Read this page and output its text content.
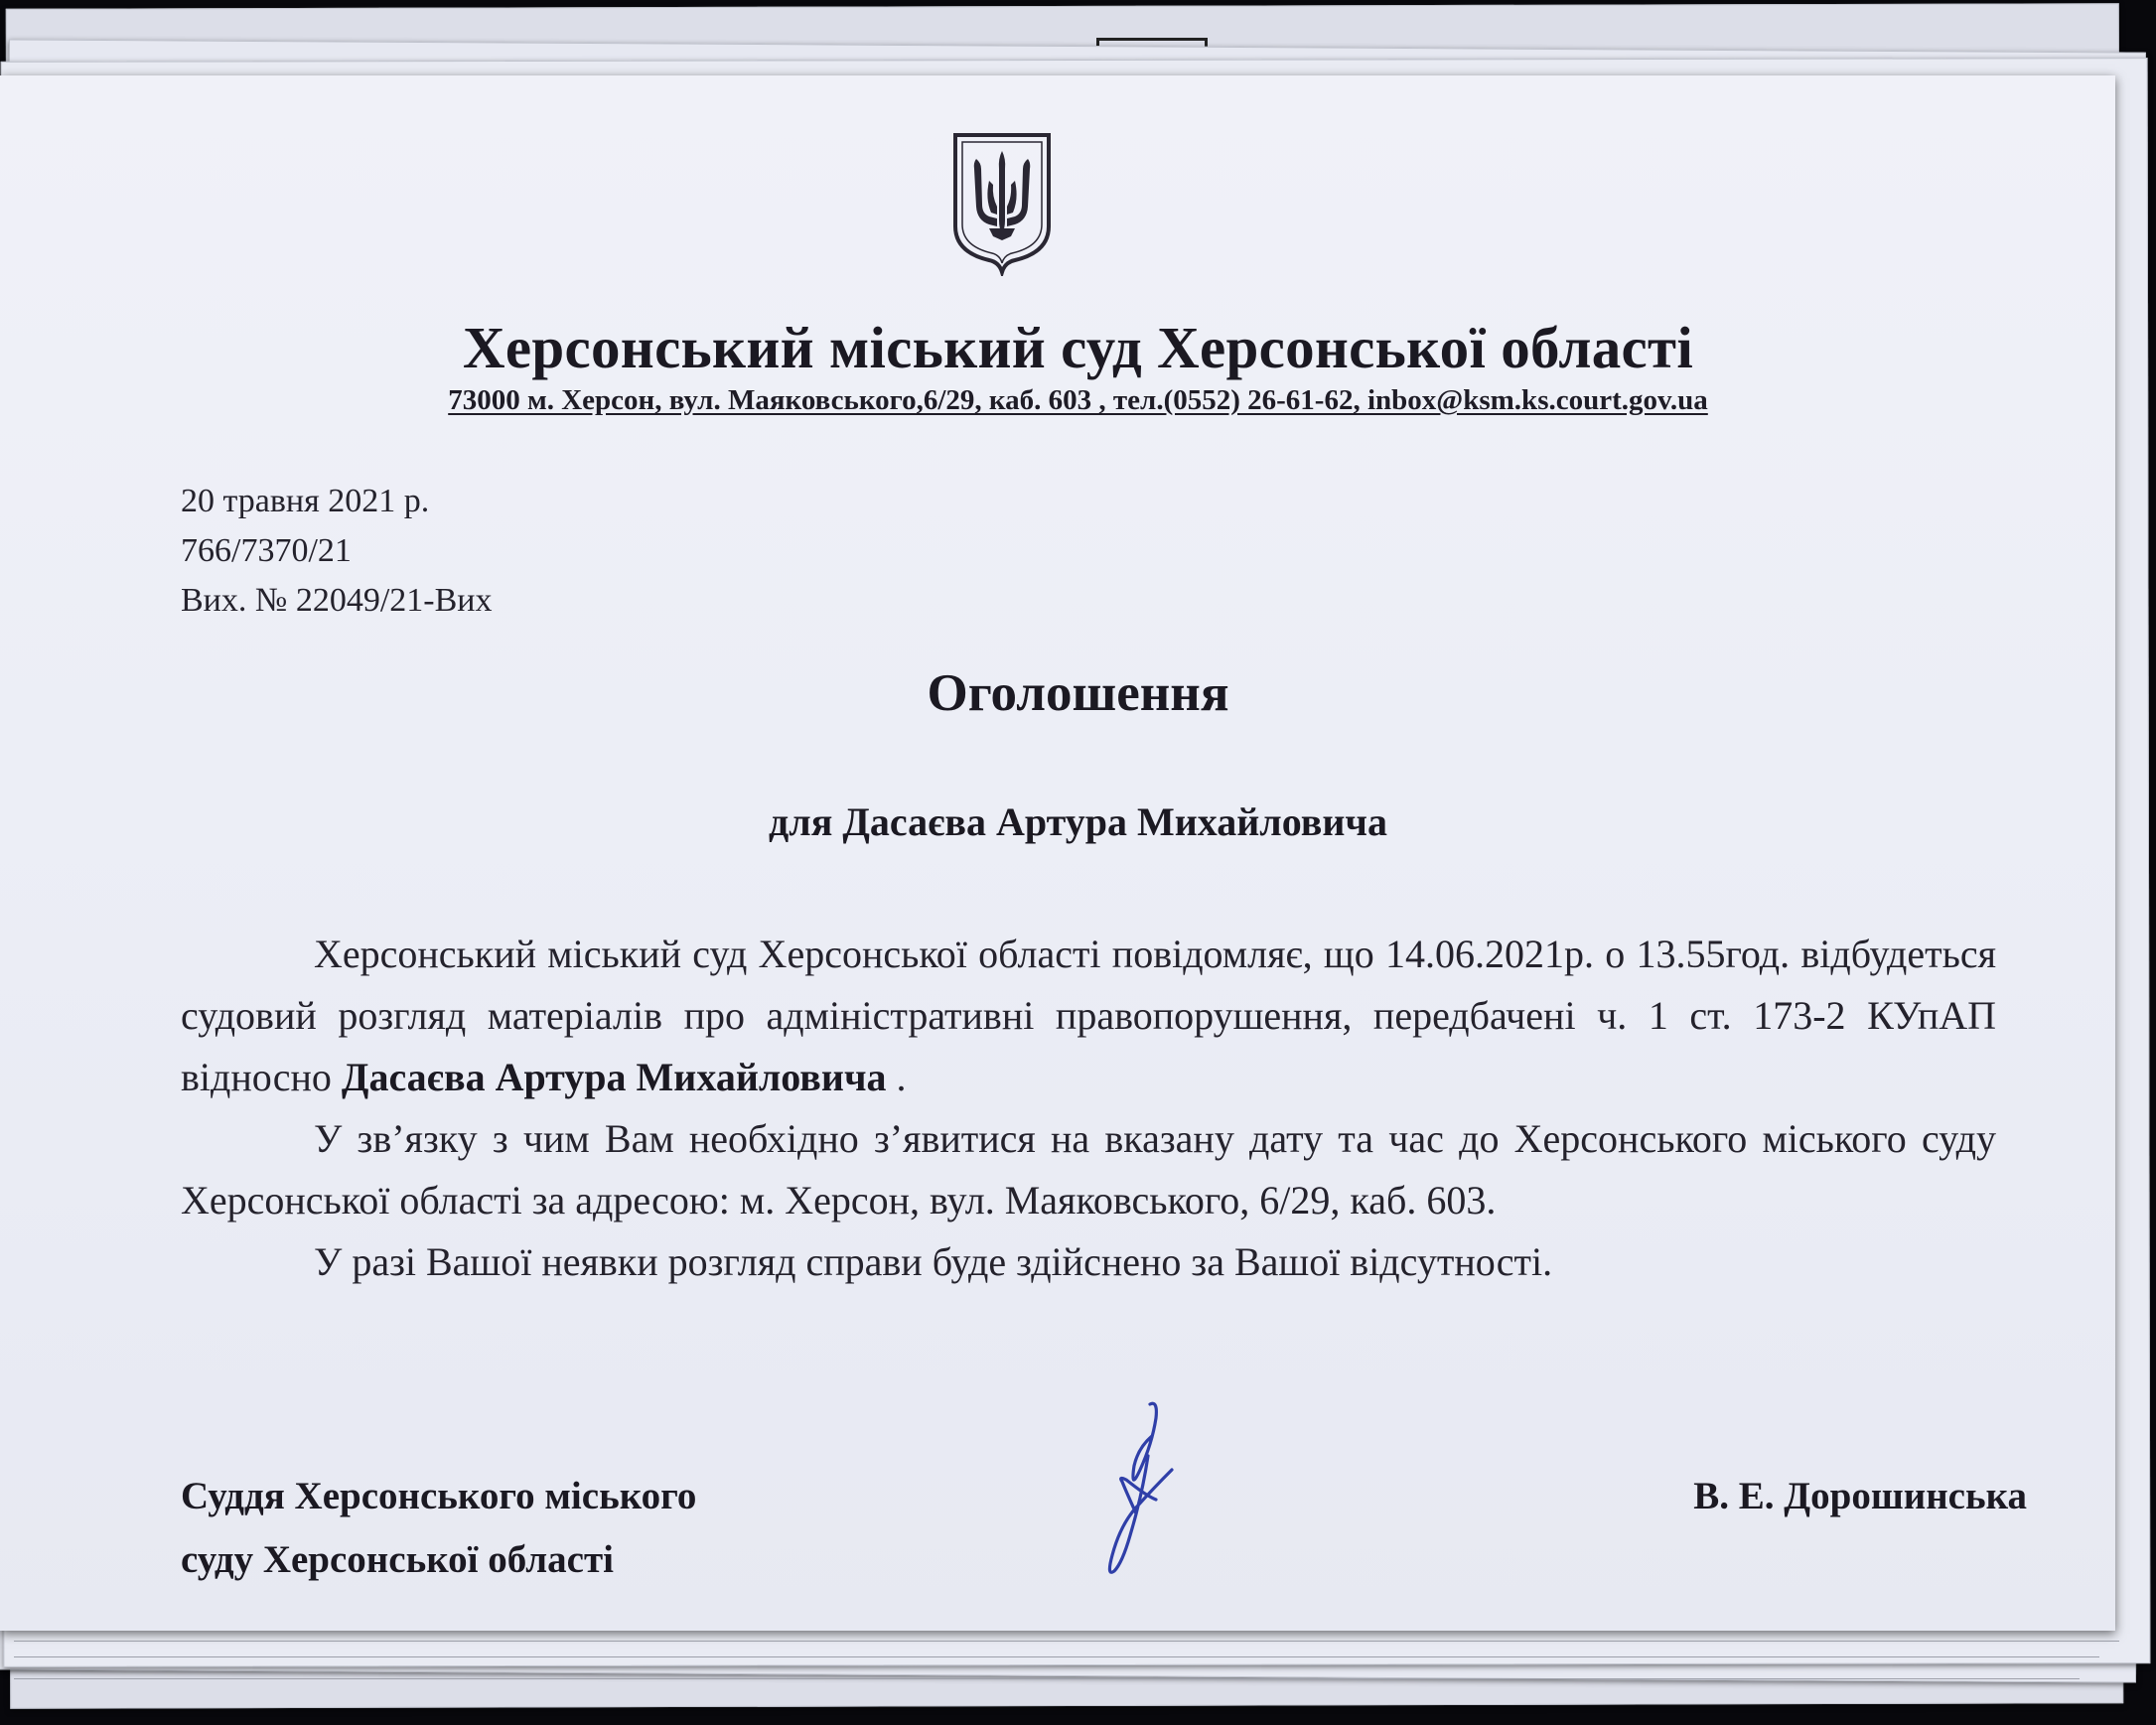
Херсонський міський суд Херсонської області
73000 м. Херсон, вул. Маяковського,6/29, каб. 603 , тел.(0552) 26-61-62, inbox@ksm.ks.court.gov.ua
20 травня 2021 р.
766/7370/21
Вих. № 22049/21-Вих
Оголошення
для Дасаєва Артура Михайловича

Херсонський міський суд Херсонської області повідомляє, що 14.06.2021р. о 13.55год. відбудеться судовий розгляд матеріалів про адміністративні правопорушення, передбачені ч. 1 ст. 173-2 КУпАП відносно Дасаєва Артура Михайловича .

У зв’язку з чим Вам необхідно з’явитися на вказану дату та час до Херсонського міського суду Херсонської області за адресою: м. Херсон, вул. Маяковського, 6/29, каб. 603.

У разі Вашої неявки розгляд справи буде здійснено за Вашої відсутності.

Суддя Херсонського міського
суду Херсонської області
В. Е. Дорошинська
